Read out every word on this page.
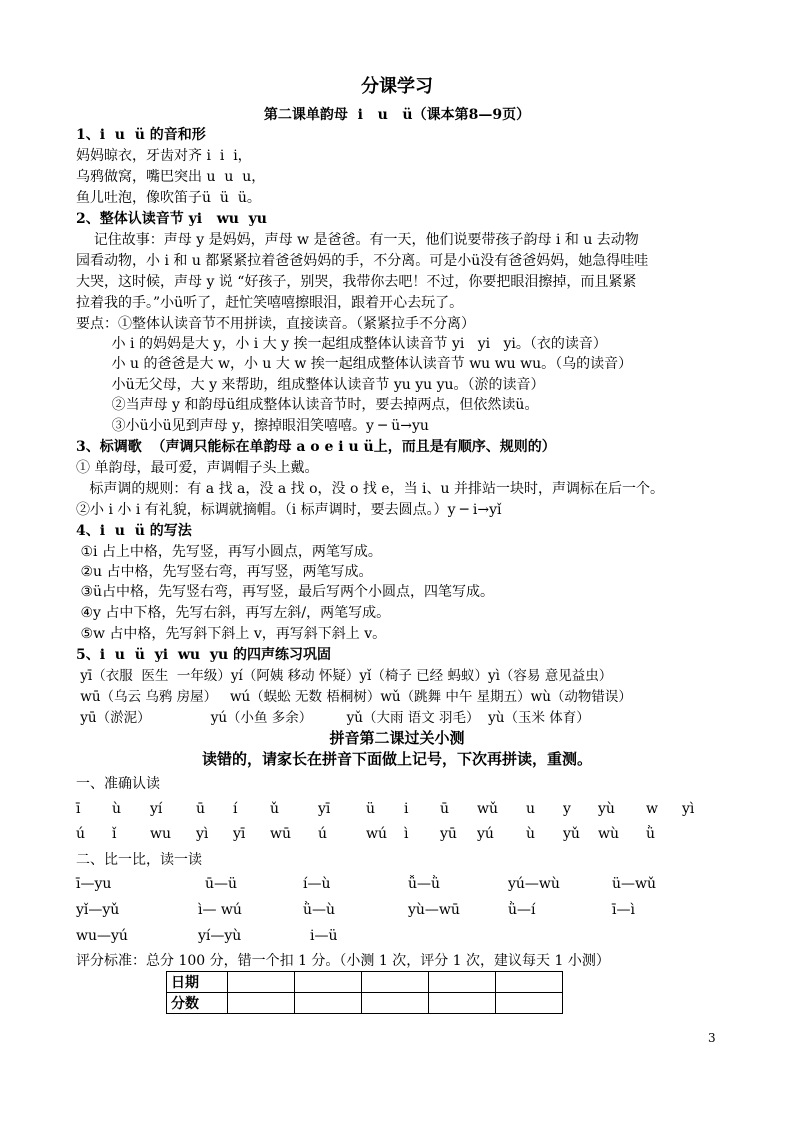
分课学习
第二课单韵母  i   u   ü（课本第8—9页）
1、i  u  ü 的音和形
妈妈晾衣，牙齿对齐 i  i  i，
乌鸦做窝，嘴巴突出 u  u  u，
鱼儿吐泡，像吹笛子ü  ü  ü。
2、整体认读音节 yi   wu  yu
记住故事：声母 y 是妈妈，声母 w 是爸爸。有一天，他们说要带孩子韵母 i 和 u 去动物
园看动物，小 i 和 u 都紧紧拉着爸爸妈妈的手，不分离。可是小ü没有爸爸妈妈，她急得哇哇
大哭，这时候，声母 y 说 “好孩子，别哭，我带你去吧！不过，你要把眼泪擦掉，而且紧紧
拉着我的手。”小ü听了，赶忙笑嘻嘻擦眼泪，跟着开心去玩了。
要点：①整体认读音节不用拼读，直接读音。（紧紧拉手不分离）
小 i 的妈妈是大 y，小 i 大 y 挨一起组成整体认读音节 yi   yi   yi。（衣的读音）
小 u 的爸爸是大 w，小 u 大 w 挨一起组成整体认读音节 wu wu wu。（乌的读音）
小ü无父母，大 y 来帮助，组成整体认读音节 yu yu yu。（淤的读音）
②当声母 y 和韵母ü组成整体认读音节时，要去掉两点，但依然读ü。
③小ü小ü见到声母 y，擦掉眼泪笑嘻嘻。y ─ ü→yu
3、标调歌  （声调只能标在单韵母 a o e i u ü上，而且是有顺序、规则的）
① 单韵母，最可爱，声调帽子头上戴。
标声调的规则：有 a 找 a，没 a 找 o，没 o 找 e，当 i、u 并排站一块时，声调标在后一个。
②小 i 小 i 有礼貌，标调就摘帽。（i 标声调时，要去圆点。）y ─ i→yǐ
4、i  u  ü 的写法
①i 占上中格，先写竖，再写小圆点，两笔写成。
②u 占中格，先写竖右弯，再写竖，两笔写成。
③ü占中格，先写竖右弯，再写竖，最后写两个小圆点，四笔写成。
④y 占中下格，先写右斜，再写左斜/，两笔写成。
⑤w 占中格，先写斜下斜上 v，再写斜下斜上 v。
5、i  u  ü  yi  wu  yu 的四声练习巩固
yī（衣服  医生  一年级）yí（阿姨 移动 怀疑）yǐ（椅子 已经 蚂蚁）yì（容易 意见益虫）
wū（乌云 乌鸦 房屋）   wú（蜈蚣 无数 梧桐树）wǔ（跳舞 中午 星期五）wù（动物错误）
yū（淤泥）              yú（小鱼 多余）        yǔ（大雨 语文 羽毛）  yù（玉米 体育）
拼音第二课过关小测
读错的，请家长在拼音下面做上记号，下次再拼读，重测。
一、准确认读
ī ù yí ū í ǔ	yī	ü i ū wǔ u y yù w yì
ú ǐ wu yì yī wū ú	wú ì yū yú ù yǔ wù ǜ
二、比一比，读一读
ī—yu	ū—ü	í—ù	ǚ—ǜ	yú—wù	ü—wǔ
yǐ—yǔ	ì— wú	ǜ—ù	yù—wū	ǜ—í	ī—ì
wu—yú	yí—yù	i—ü
评分标准：总分 100 分，错一个扣 1 分。（小测 1 次，评分 1 次，建议每天 1 小测）
日期					
分数					
3
